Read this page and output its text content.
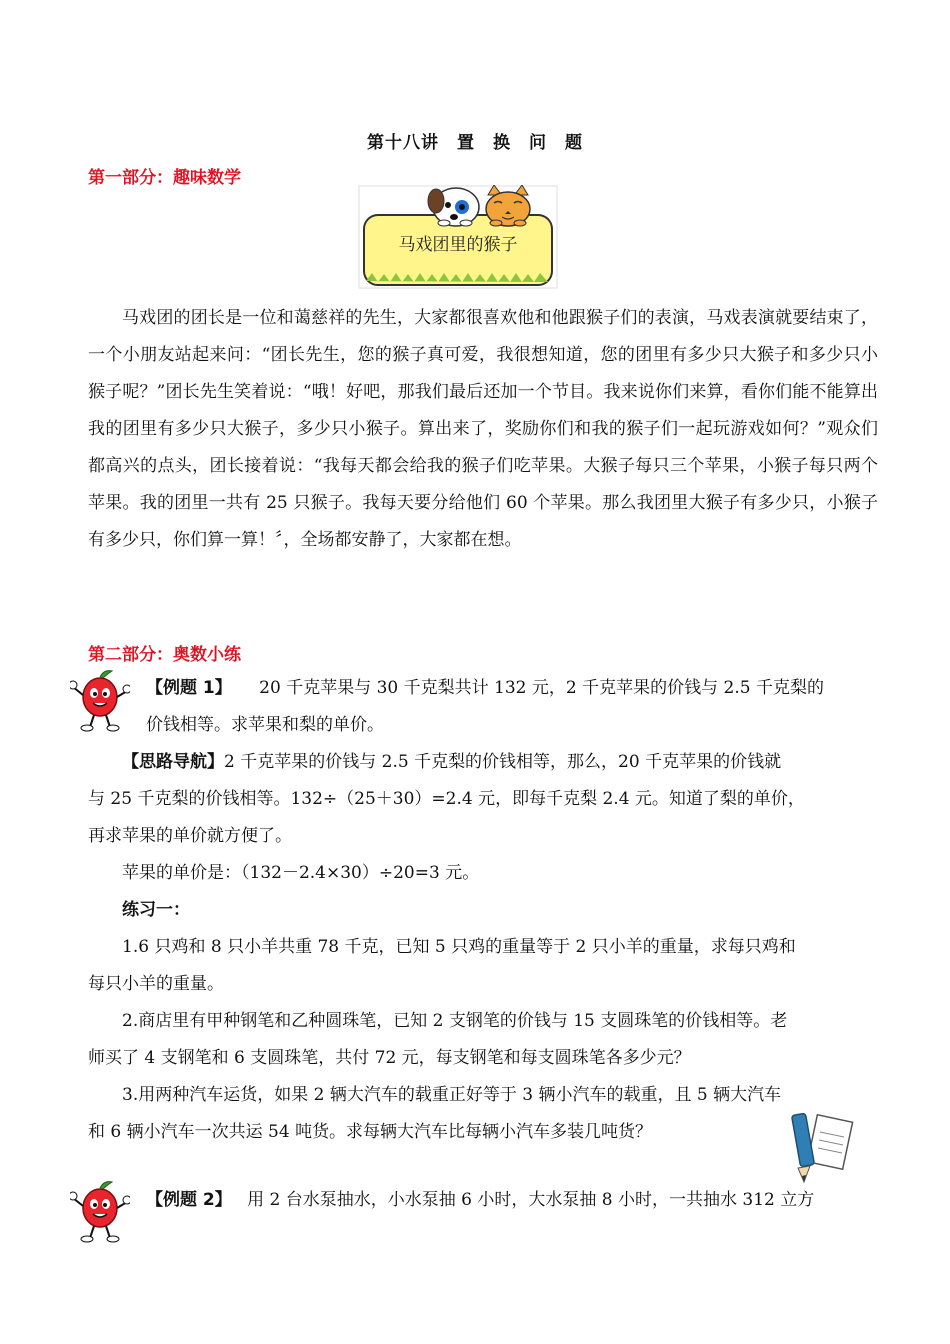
第十八讲　置　换　问　题
第一部分：趣味数学
马戏团里的猴子

马戏团的团长是一位和蔼慈祥的先生，大家都很喜欢他和他跟猴子们的表演，马戏表演就要结束了，一个小朋友站起来问：“团长先生，您的猴子真可爱，我很想知道，您的团里有多少只大猴子和多少只小猴子呢？”团长先生笑着说：“哦！好吧，那我们最后还加一个节目。我来说你们来算，看你们能不能算出我的团里有多少只大猴子，多少只小猴子。算出来了，奖励你们和我的猴子们一起玩游戏如何？”观众们都高兴的点头，团长接着说：“我每天都会给我的猴子们吃苹果。大猴子每只三个苹果，小猴子每只两个苹果。我的团里一共有 25 只猴子。我每天要分给他们 60 个苹果。那么我团里大猴子有多少只，小猴子有多少只，你们算一算！〞，全场都安静了，大家都在想。

第二部分：奥数小练
【例题 1】 20 千克苹果与 30 千克梨共计 132 元，2 千克苹果的价钱与 2.5 千克梨的
价钱相等。求苹果和梨的单价。
【思路导航】2 千克苹果的价钱与 2.5 千克梨的价钱相等，那么，20 千克苹果的价钱就
与 25 千克梨的价钱相等。132÷（25＋30）=2.4 元，即每千克梨 2.4 元。知道了梨的单价，
再求苹果的单价就方便了。
苹果的单价是：（132－2.4×30）÷20=3 元。
练习一：
1.6 只鸡和 8 只小羊共重 78 千克，已知 5 只鸡的重量等于 2 只小羊的重量，求每只鸡和
每只小羊的重量。
2.商店里有甲种钢笔和乙种圆珠笔，已知 2 支钢笔的价钱与 15 支圆珠笔的价钱相等。老
师买了 4 支钢笔和 6 支圆珠笔，共付 72 元，每支钢笔和每支圆珠笔各多少元？
3.用两种汽车运货，如果 2 辆大汽车的载重正好等于 3 辆小汽车的载重，且 5 辆大汽车
和 6 辆小汽车一次共运 54 吨货。求每辆大汽车比每辆小汽车多装几吨货？
【例题 2】 用 2 台水泵抽水，小水泵抽 6 小时，大水泵抽 8 小时，一共抽水 312 立方
